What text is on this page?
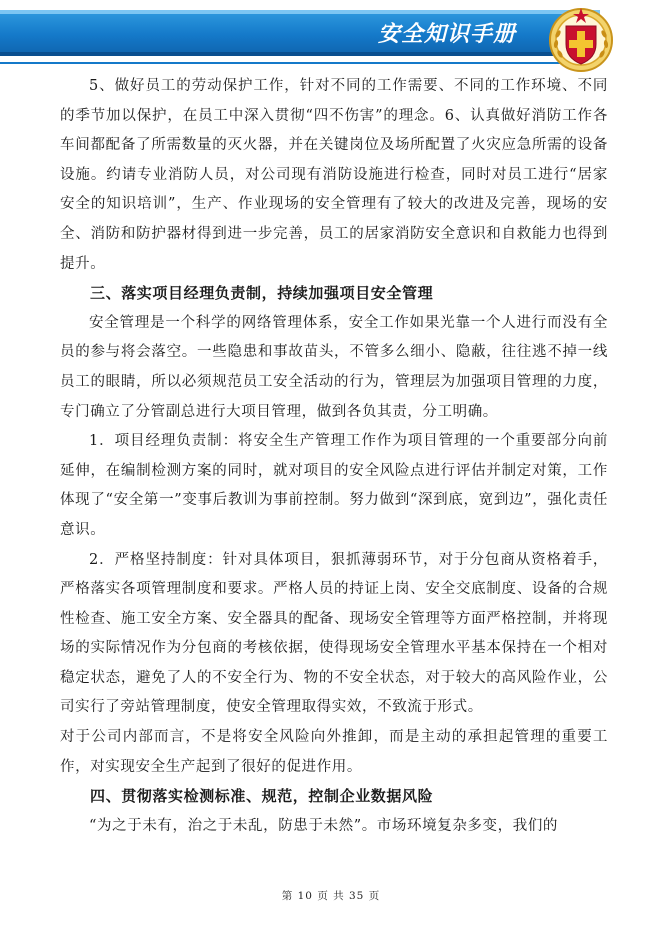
安全知识手册

5、做好员工的劳动保护工作，针对不同的工作需要、不同的工作环境、不同的季节加以保护，在员工中深入贯彻“四不伤害”的理念。6、认真做好消防工作各车间都配备了所需数量的灭火器，并在关键岗位及场所配置了火灾应急所需的设备设施。约请专业消防人员，对公司现有消防设施进行检查，同时对员工进行“居家安全的知识培训”，生产、作业现场的安全管理有了较大的改进及完善，现场的安全、消防和防护器材得到进一步完善，员工的居家消防安全意识和自救能力也得到提升。

三、落实项目经理负责制，持续加强项目安全管理

安全管理是一个科学的网络管理体系，安全工作如果光靠一个人进行而没有全员的参与将会落空。一些隐患和事故苗头，不管多么细小、隐蔽，往往逃不掉一线员工的眼睛，所以必须规范员工安全活动的行为，管理层为加强项目管理的力度，专门确立了分管副总进行大项目管理，做到各负其责，分工明确。

1．项目经理负责制：将安全生产管理工作作为项目管理的一个重要部分向前延伸，在编制检测方案的同时，就对项目的安全风险点进行评估并制定对策，工作体现了“安全第一”变事后教训为事前控制。努力做到“深到底，宽到边”，强化责任意识。

2．严格坚持制度：针对具体项目，狠抓薄弱环节，对于分包商从资格着手，严格落实各项管理制度和要求。严格人员的持证上岗、安全交底制度、设备的合规性检查、施工安全方案、安全器具的配备、现场安全管理等方面严格控制，并将现场的实际情况作为分包商的考核依据，使得现场安全管理水平基本保持在一个相对稳定状态，避免了人的不安全行为、物的不安全状态，对于较大的高风险作业，公司实行了旁站管理制度，使安全管理取得实效，不致流于形式。

对于公司内部而言，不是将安全风险向外推卸，而是主动的承担起管理的重要工作，对实现安全生产起到了很好的促进作用。

四、贯彻落实检测标准、规范，控制企业数据风险

“为之于未有，治之于未乱，防患于未然”。市场环境复杂多变，我们的

第 10 页 共 35 页
